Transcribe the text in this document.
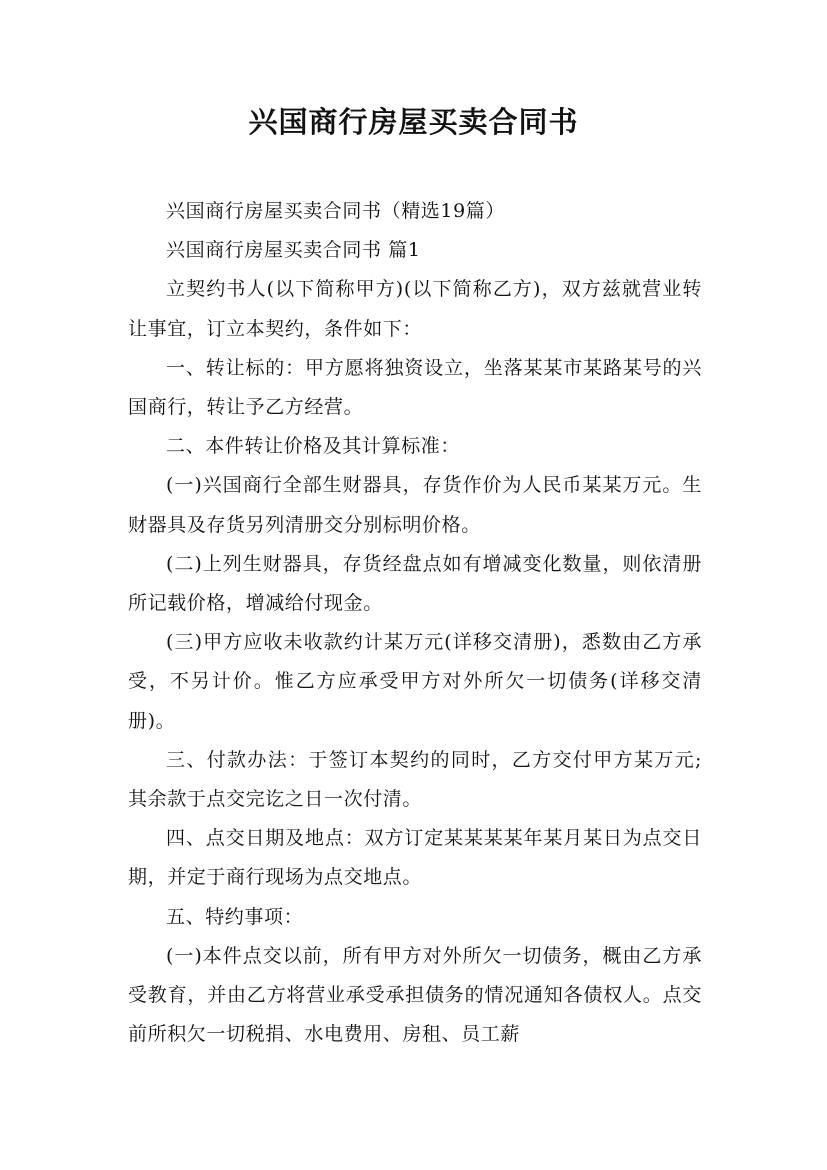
兴国商行房屋买卖合同书

兴国商行房屋买卖合同书（精选19篇）

兴国商行房屋买卖合同书 篇1

立契约书人(以下简称甲方)(以下简称乙方)，双方兹就营业转让事宜，订立本契约，条件如下：

一、转让标的：甲方愿将独资设立，坐落某某市某路某号的兴国商行，转让予乙方经营。

二、本件转让价格及其计算标准：

(一)兴国商行全部生财器具，存货作价为人民币某某万元。生财器具及存货另列清册交分别标明价格。

(二)上列生财器具，存货经盘点如有增减变化数量，则依清册所记载价格，增减给付现金。

(三)甲方应收未收款约计某万元(详移交清册)，悉数由乙方承受，不另计价。惟乙方应承受甲方对外所欠一切债务(详移交清册)。

三、付款办法：于签订本契约的同时，乙方交付甲方某万元;其余款于点交完讫之日一次付清。

四、点交日期及地点：双方订定某某某某年某月某日为点交日期，并定于商行现场为点交地点。

五、特约事项：

(一)本件点交以前，所有甲方对外所欠一切债务，概由乙方承受教育，并由乙方将营业承受承担债务的情况通知各债权人。点交前所积欠一切税捐、水电费用、房租、员工薪
